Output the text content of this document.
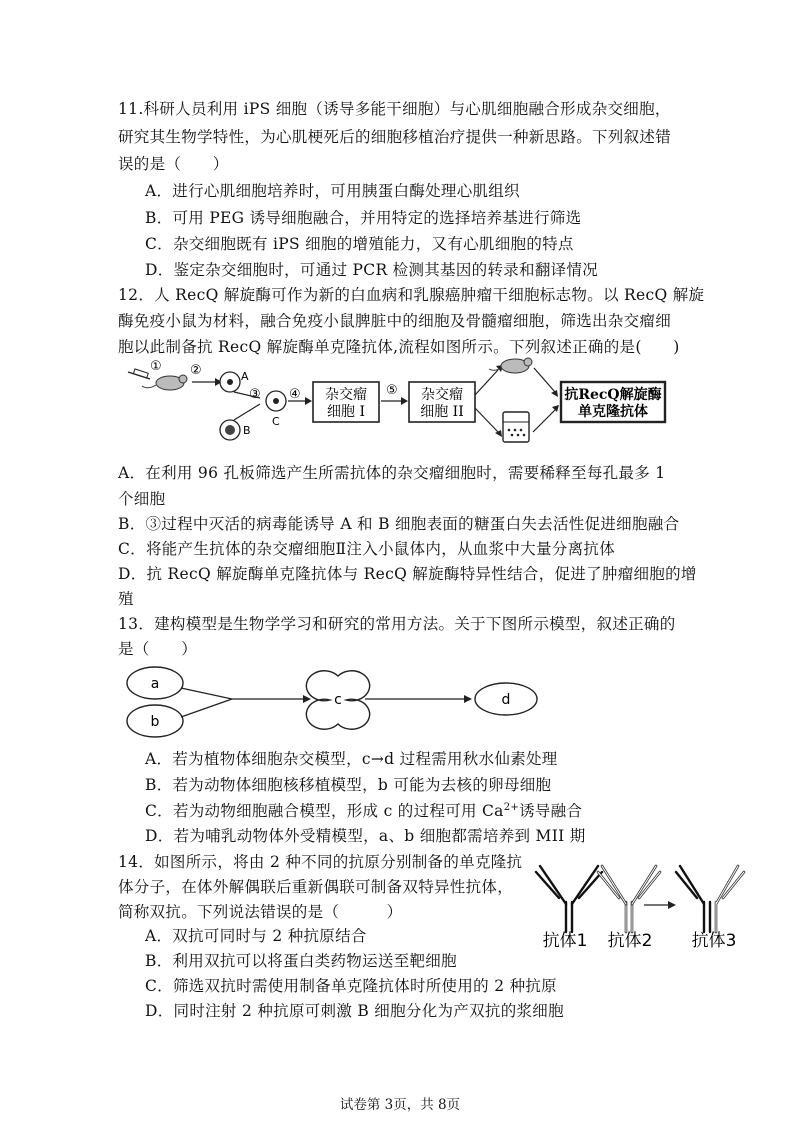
11.科研人员利用 iPS 细胞（诱导多能干细胞）与心肌细胞融合形成杂交细胞，
研究其生物学特性，为心肌梗死后的细胞移植治疗提供一种新思路。下列叙述错
误的是（　　）
A．进行心肌细胞培养时，可用胰蛋白酶处理心肌组织
B．可用 PEG 诱导细胞融合，并用特定的选择培养基进行筛选
C．杂交细胞既有 iPS 细胞的增殖能力，又有心肌细胞的特点
D．鉴定杂交细胞时，可通过 PCR 检测其基因的转录和翻译情况
12．人 RecQ 解旋酶可作为新的白血病和乳腺癌肿瘤干细胞标志物。以 RecQ 解旋
酶免疫小鼠为材料，融合免疫小鼠脾脏中的细胞及骨髓瘤细胞，筛选出杂交瘤细
胞以此制备抗 RecQ 解旋酶单克隆抗体,流程如图所示。下列叙述正确的是(　　)
① ②	A
B
③
C
④ 杂交瘤
细胞 I
⑤ 杂交瘤
细胞 II
抗RecQ解旋酶
单克隆抗体
A．在利用 96 孔板筛选产生所需抗体的杂交瘤细胞时，需要稀释至每孔最多 1
个细胞
B．③过程中灭活的病毒能诱导 A 和 B 细胞表面的糖蛋白失去活性促进细胞融合
C．将能产生抗体的杂交瘤细胞Ⅱ注入小鼠体内，从血浆中大量分离抗体
D．抗 RecQ 解旋酶单克隆抗体与 RecQ 解旋酶特异性结合，促进了肿瘤细胞的增
殖
13．建构模型是生物学学习和研究的常用方法。关于下图所示模型，叙述正确的
是（　　）
a
b
c	d
A．若为植物体细胞杂交模型，c→d 过程需用秋水仙素处理
B．若为动物体细胞核移植模型，b 可能为去核的卵母细胞
C．若为动物细胞融合模型，形成 c 的过程可用 $Ca^{2+}$诱导融合
D．若为哺乳动物体外受精模型，a、b 细胞都需培养到 MII 期
14．如图所示，将由 2 种不同的抗原分别制备的单克隆抗
体分子，在体外解偶联后重新偶联可制备双特异性抗体，
简称双抗。下列说法错误的是（　　　）
A．双抗可同时与 2 种抗原结合
B．利用双抗可以将蛋白类药物运送至靶细胞
C．筛选双抗时需使用制备单克隆抗体时所使用的 2 种抗原
D．同时注射 2 种抗原可刺激 B 细胞分化为产双抗的浆细胞
抗体1 抗体2 抗体3
试卷第 3页，共 8页
